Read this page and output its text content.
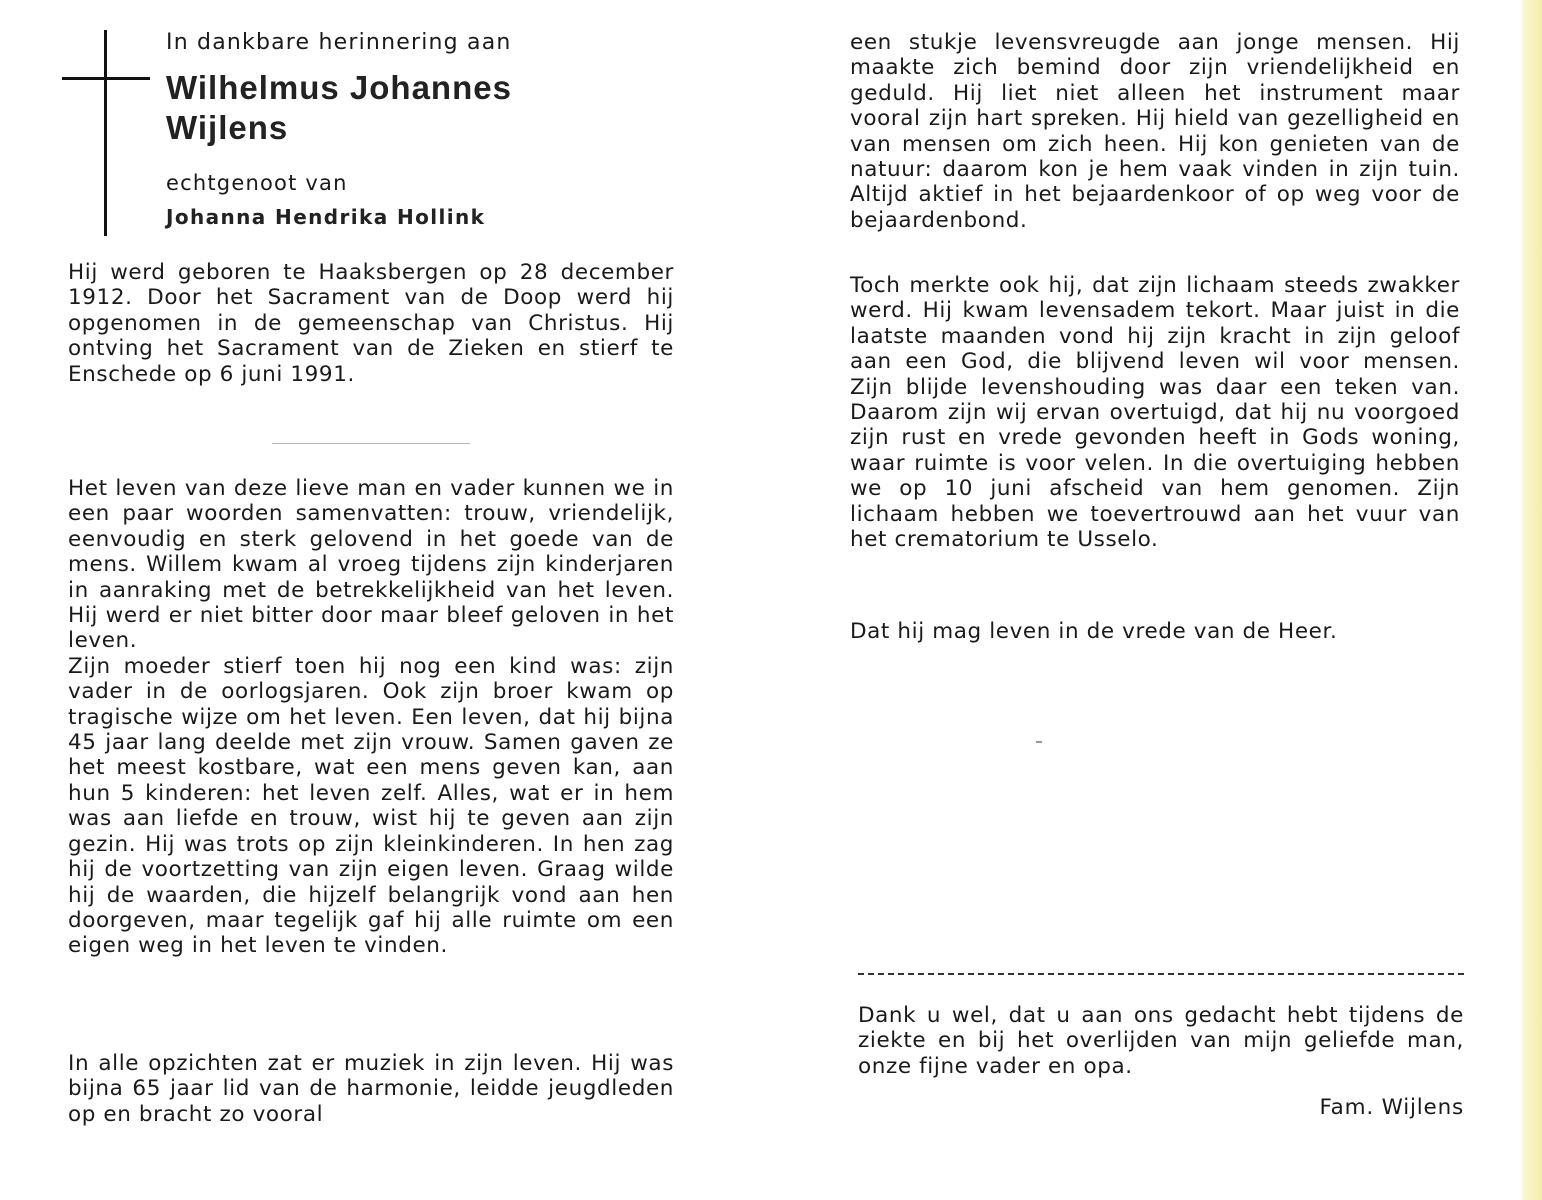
In dankbare herinnering aan

Wilhelmus Johannes
Wijlens

echtgenoot van

Johanna Hendrika Hollink

Hij werd geboren te Haaksbergen op 28 december 1912. Door het Sacrament van de Doop werd hij opgenomen in de gemeenschap van Christus. Hij ontving het Sacrament van de Zieken en stierf te Enschede op 6 juni 1991.

Het leven van deze lieve man en vader kunnen we in een paar woorden samenvatten: trouw, vriendelijk, eenvoudig en sterk gelovend in het goede van de mens. Willem kwam al vroeg tijdens zijn kinderjaren in aanraking met de betrekkelijkheid van het leven. Hij werd er niet bitter door maar bleef geloven in het leven.

Zijn moeder stierf toen hij nog een kind was: zijn vader in de oorlogsjaren. Ook zijn broer kwam op tragische wijze om het leven. Een leven, dat hij bijna 45 jaar lang deelde met zijn vrouw. Samen gaven ze het meest kostbare, wat een mens geven kan, aan hun 5 kinderen: het leven zelf. Alles, wat er in hem was aan liefde en trouw, wist hij te geven aan zijn gezin. Hij was trots op zijn kleinkinderen. In hen zag hij de voortzetting van zijn eigen leven. Graag wilde hij de waarden, die hijzelf belangrijk vond aan hen doorgeven, maar tegelijk gaf hij alle ruimte om een eigen weg in het leven te vinden.

In alle opzichten zat er muziek in zijn leven. Hij was bijna 65 jaar lid van de harmonie, leidde jeugdleden op en bracht zo vooral

een stukje levensvreugde aan jonge mensen. Hij maakte zich bemind door zijn vriendelijkheid en geduld. Hij liet niet alleen het instrument maar vooral zijn hart spreken. Hij hield van gezelligheid en van mensen om zich heen. Hij kon genieten van de natuur: daarom kon je hem vaak vinden in zijn tuin. Altijd aktief in het bejaardenkoor of op weg voor de bejaardenbond.

Toch merkte ook hij, dat zijn lichaam steeds zwakker werd. Hij kwam levensadem tekort. Maar juist in die laatste maanden vond hij zijn kracht in zijn geloof aan een God, die blijvend leven wil voor mensen. Zijn blijde levenshouding was daar een teken van. Daarom zijn wij ervan overtuigd, dat hij nu voorgoed zijn rust en vrede gevonden heeft in Gods woning, waar ruimte is voor velen. In die overtuiging hebben we op 10 juni afscheid van hem genomen. Zijn lichaam hebben we toevertrouwd aan het vuur van het crematorium te Usselo.

Dat hij mag leven in de vrede van de Heer.

Dank u wel, dat u aan ons gedacht hebt tijdens de ziekte en bij het overlijden van mijn geliefde man, onze fijne vader en opa.

Fam. Wijlens
